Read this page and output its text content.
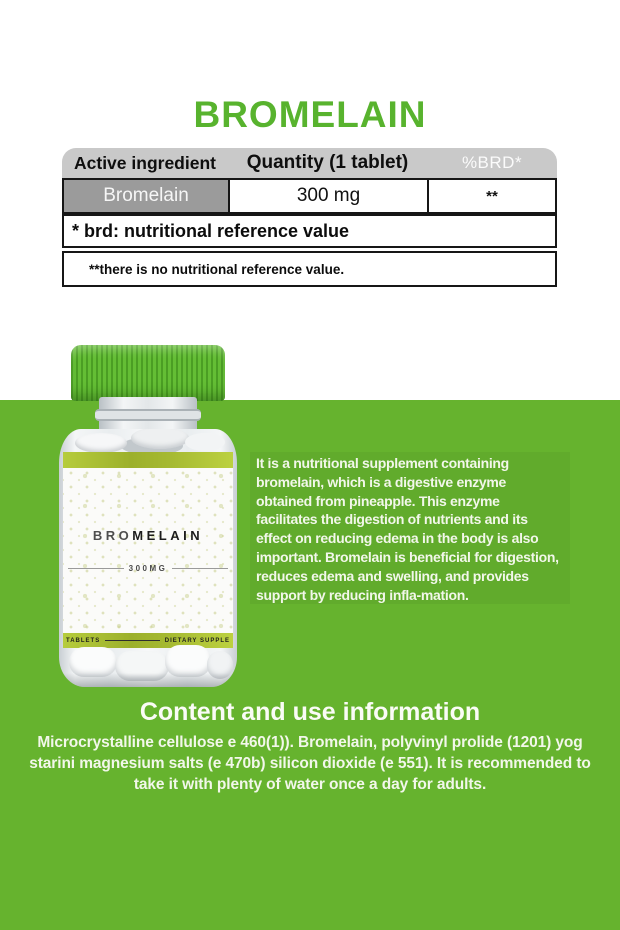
BROMELAIN
Active ingredient	Quantity (1 tablet)	%BRD*
Bromelain	300 mg	**
* brd: nutritional reference value
**there is no nutritional reference value.

It is a nutritional supplement containing bromelain, which is a digestive enzyme obtained from pineapple. This enzyme facilitates the digestion of nutrients and its effect on reducing edema in the body is also important. Bromelain is beneficial for digestion, reduces edema and swelling, and provides support by reducing infla-mation.

Content and use information

Microcrystalline cellulose e 460(1)). Bromelain, polyvinyl prolide (1201) yog starini magnesium salts (e 470b) silicon dioxide (e 551). It is recommended to take it with plenty of water once a day for adults.

BROMELAIN
300MG
TABLETS	DIETARY SUPPLE
